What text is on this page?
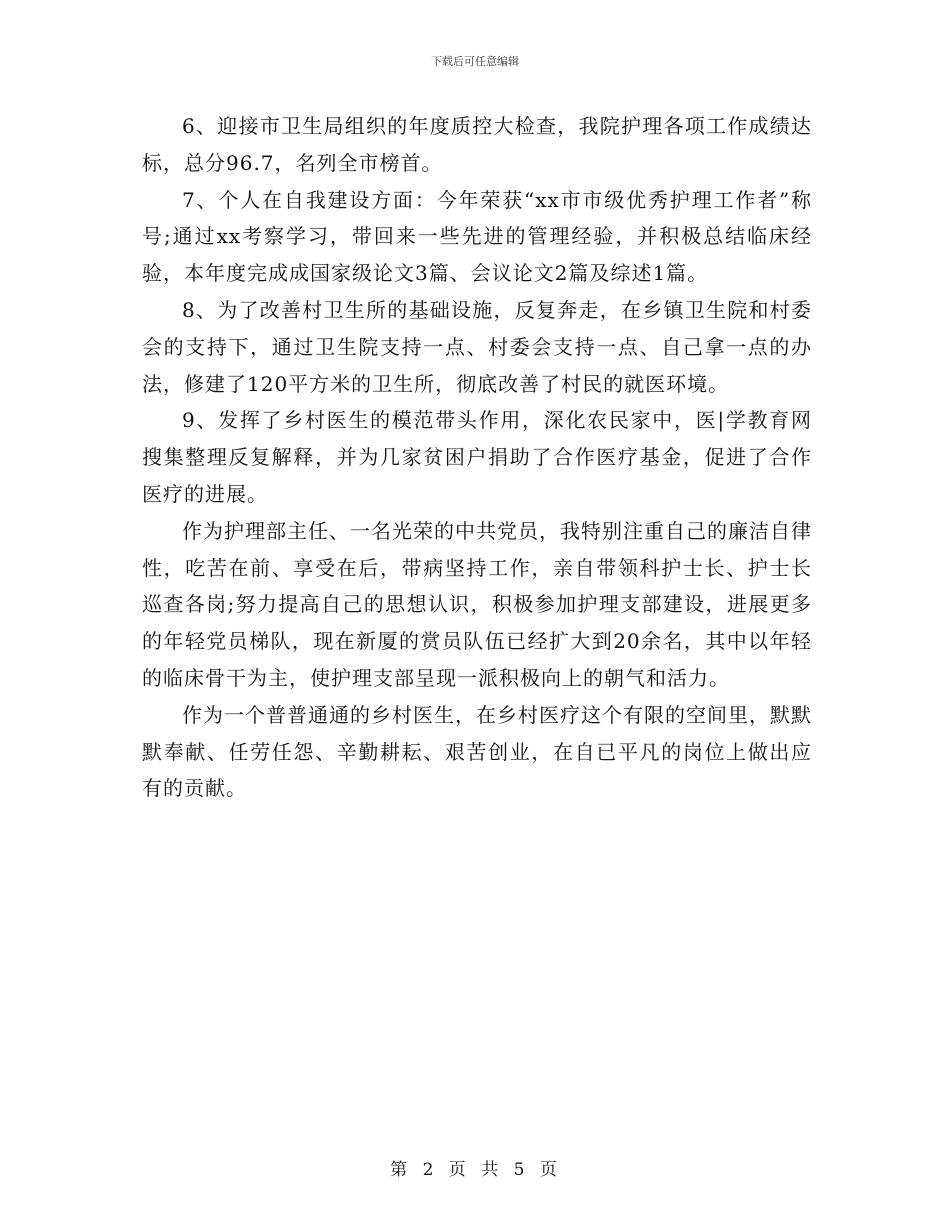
下载后可任意编辑

6、迎接市卫生局组织的年度质控大检查，我院护理各项工作成绩达标，总分96.7，名列全市榜首。

7、个人在自我建设方面：今年荣获“xx市市级优秀护理工作者”称号;通过xx考察学习，带回来一些先进的管理经验，并积极总结临床经验，本年度完成成国家级论文3篇、会议论文2篇及综述1篇。

8、为了改善村卫生所的基础设施，反复奔走，在乡镇卫生院和村委会的支持下，通过卫生院支持一点、村委会支持一点、自己拿一点的办法，修建了120平方米的卫生所，彻底改善了村民的就医环境。

9、发挥了乡村医生的模范带头作用，深化农民家中，医|学教育网搜集整理反复解释，并为几家贫困户捐助了合作医疗基金，促进了合作医疗的进展。

作为护理部主任、一名光荣的中共党员，我特别注重自己的廉洁自律性，吃苦在前、享受在后，带病坚持工作，亲自带领科护士长、护士长巡查各岗;努力提高自己的思想认识，积极参加护理支部建设，进展更多的年轻党员梯队，现在新厦的赏员队伍已经扩大到20余名，其中以年轻的临床骨干为主，使护理支部呈现一派积极向上的朝气和活力。

作为一个普普通通的乡村医生，在乡村医疗这个有限的空间里，默默默奉献、任劳任怨、辛勤耕耘、艰苦创业，在自已平凡的岗位上做出应有的贡献。

第 2 页 共 5 页
